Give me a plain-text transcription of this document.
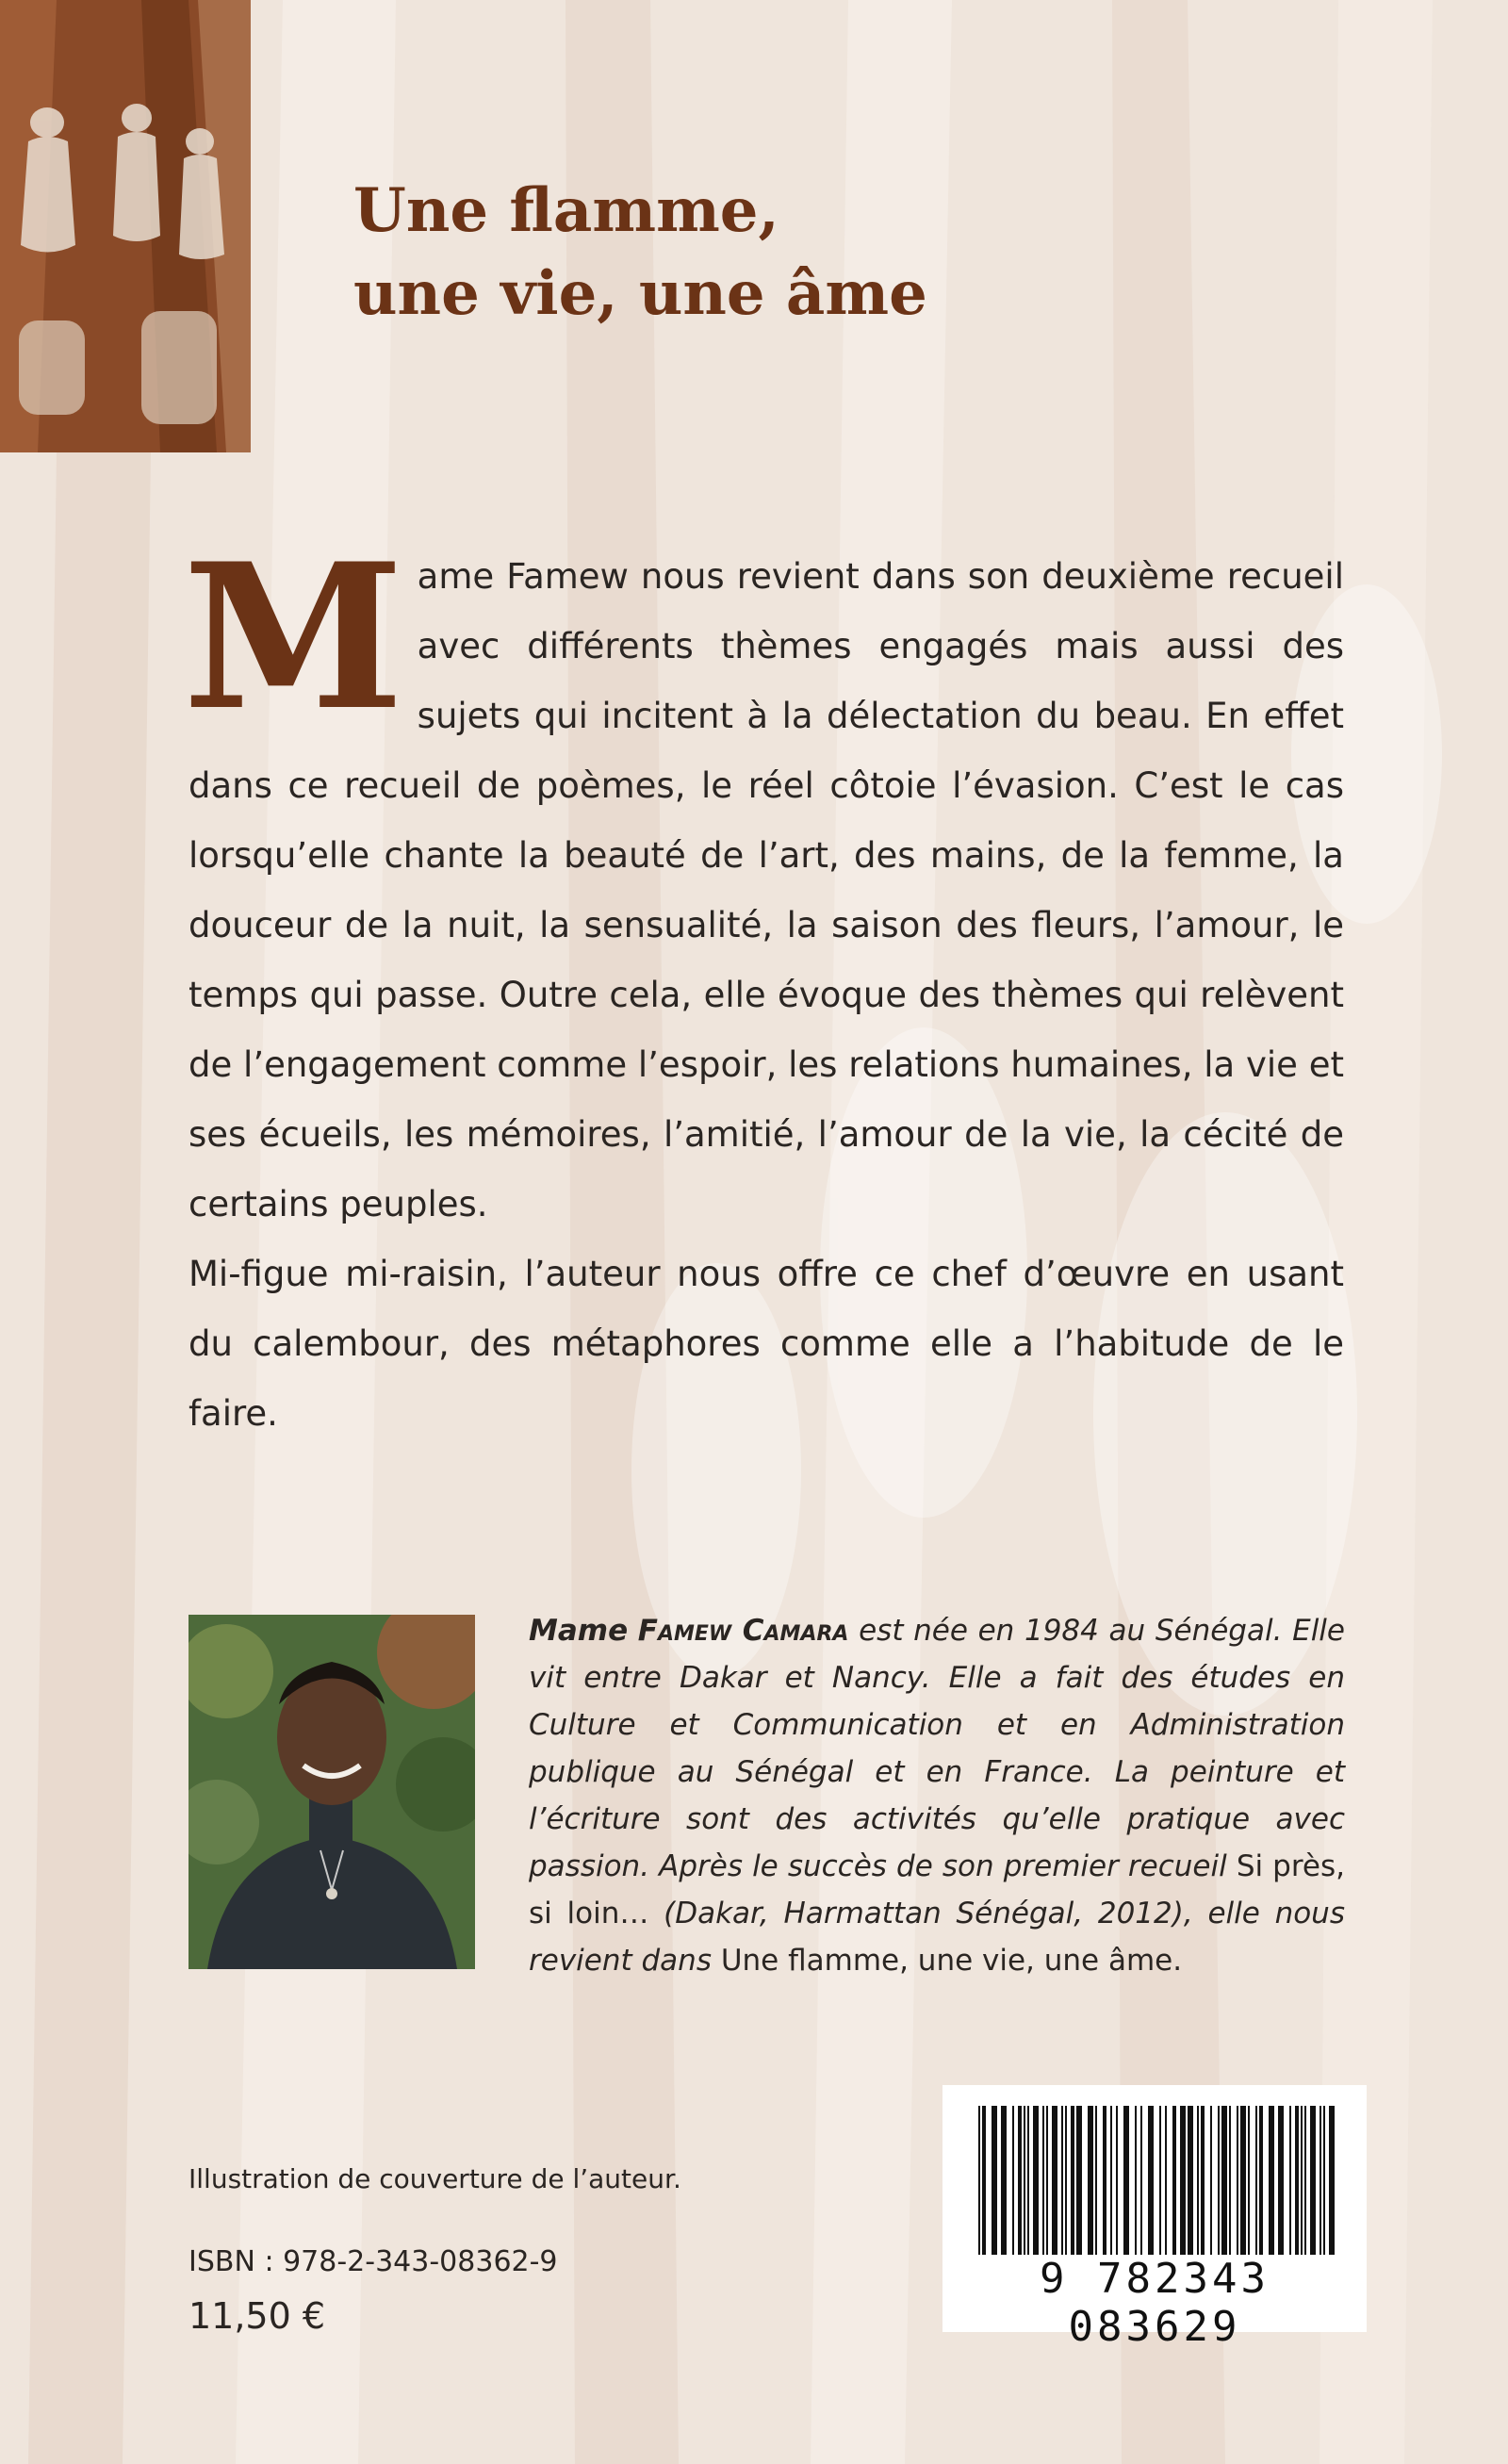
Une flamme,
une vie, une âme

Mame Famew nous revient dans son deuxième recueil avec différents thèmes engagés mais aussi des sujets qui incitent à la délectation du beau. En effet dans ce recueil de poèmes, le réel côtoie l’évasion. C’est le cas lorsqu’elle chante la beauté de l’art, des mains, de la femme, la douceur de la nuit, la sensualité, la saison des fleurs, l’amour, le temps qui passe. Outre cela, elle évoque des thèmes qui relèvent de l’engagement comme l’espoir, les relations humaines, la vie et ses écueils, les mémoires, l’amitié, l’amour de la vie, la cécité de certains peuples.

Mi-figue mi-raisin, l’auteur nous offre ce chef d’œuvre en usant du calembour, des métaphores comme elle a l’habitude de le faire.

Mame Famew Camara est née en 1984 au Sénégal. Elle vit entre Dakar et Nancy. Elle a fait des études en Culture et Communication et en Administration publique au Sénégal et en France. La peinture et l’écriture sont des activités qu’elle pratique avec passion. Après le succès de son premier recueil Si près, si loin… (Dakar, Harmattan Sénégal, 2012), elle nous revient dans Une flamme, une vie, une âme.
Illustration de couverture de l’auteur.
ISBN : 978-2-343-08362-9
11,50 €
9 782343 083629
